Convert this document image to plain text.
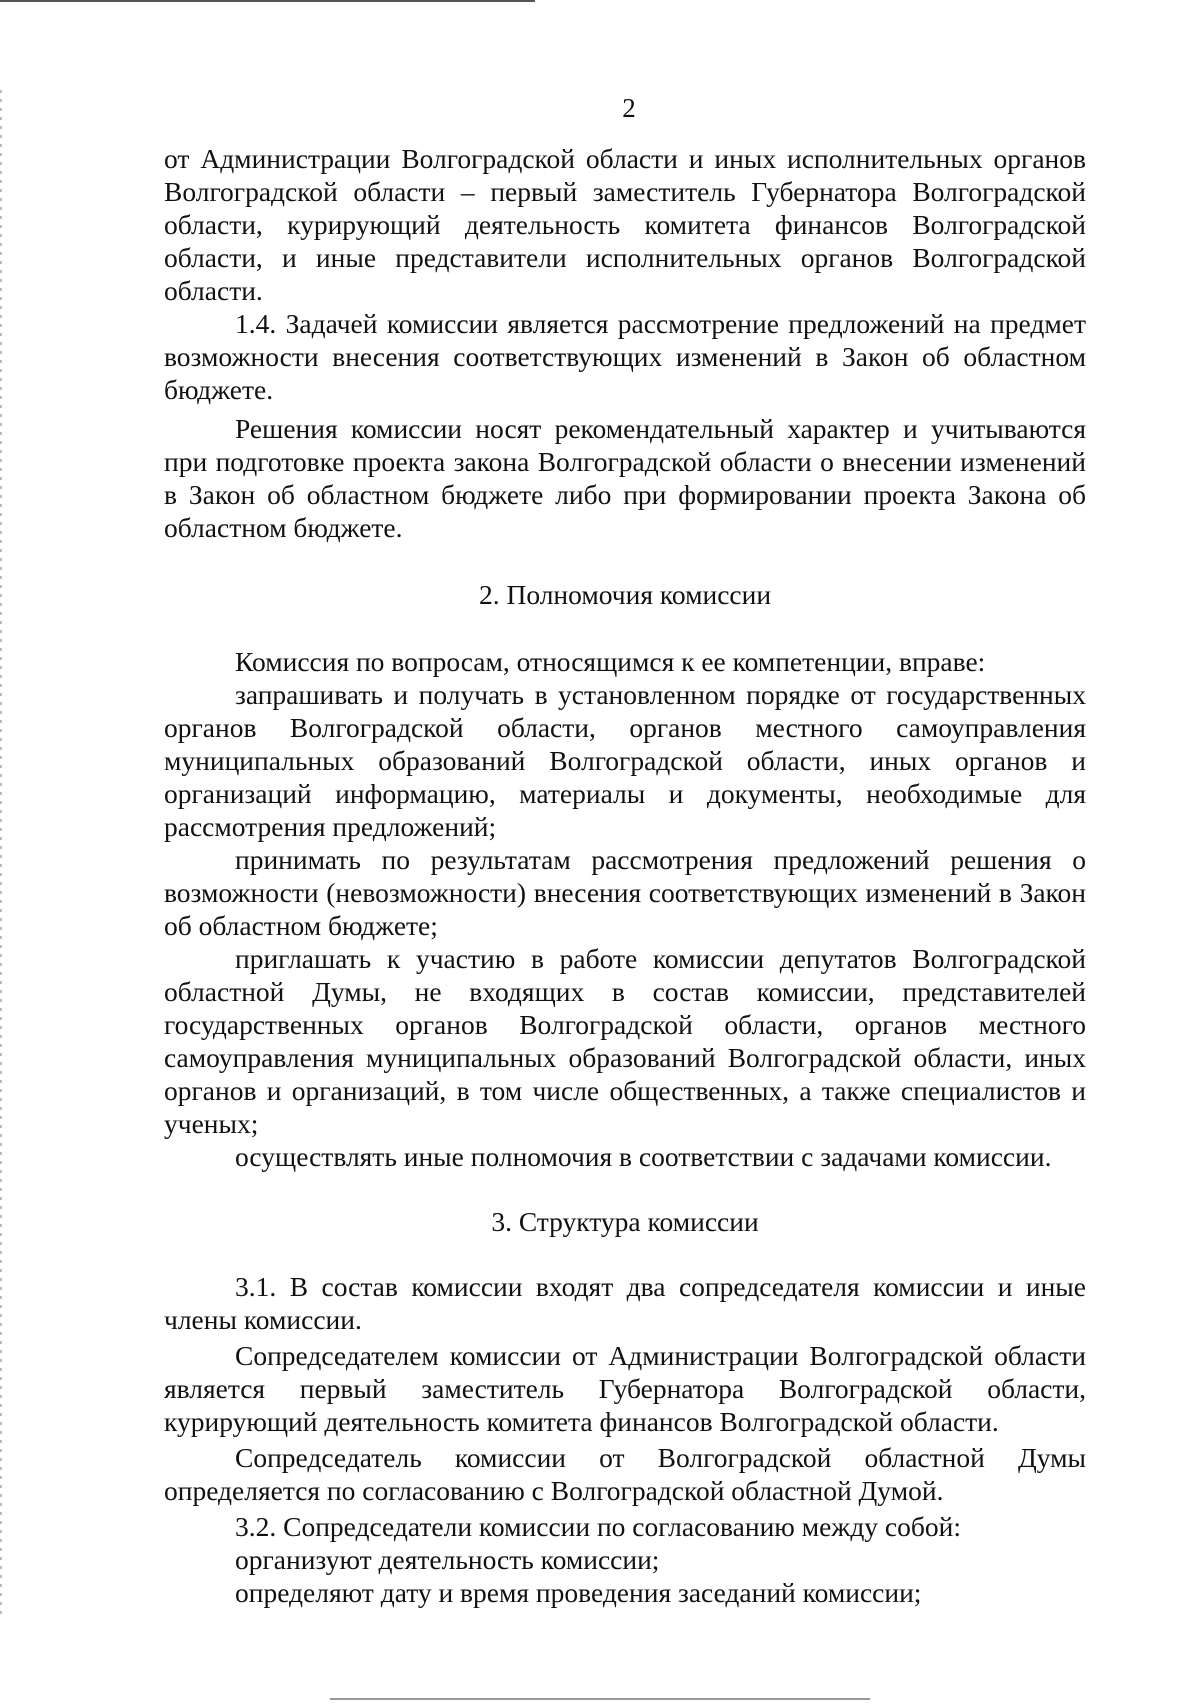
2

от Администрации Волгоградской области и иных исполнительных органов Волгоградской области – первый заместитель Губернатора Волгоградской области, курирующий деятельность комитета финансов Волгоградской области, и иные представители исполнительных органов Волгоградской области.

1.4. Задачей комиссии является рассмотрение предложений на предмет возможности внесения соответствующих изменений в Закон об областном бюджете.

Решения комиссии носят рекомендательный характер и учитываются при подготовке проекта закона Волгоградской области о внесении изменений в Закон об областном бюджете либо при формировании проекта Закона об областном бюджете.

2. Полномочия комиссии

Комиссия по вопросам, относящимся к ее компетенции, вправе:

запрашивать и получать в установленном порядке от государственных органов Волгоградской области, органов местного самоуправления муниципальных образований Волгоградской области, иных органов и организаций информацию, материалы и документы, необходимые для рассмотрения предложений;

принимать по результатам рассмотрения предложений решения о возможности (невозможности) внесения соответствующих изменений в Закон об областном бюджете;

приглашать к участию в работе комиссии депутатов Волгоградской областной Думы, не входящих в состав комиссии, представителей государственных органов Волгоградской области, органов местного самоуправления муниципальных образований Волгоградской области, иных органов и организаций, в том числе общественных, а также специалистов и ученых;

осуществлять иные полномочия в соответствии с задачами комиссии.

3. Структура комиссии

3.1. В состав комиссии входят два сопредседателя комиссии и иные члены комиссии.

Сопредседателем комиссии от Администрации Волгоградской области является первый заместитель Губернатора Волгоградской области, курирующий деятельность комитета финансов Волгоградской области.

Сопредседатель комиссии от Волгоградской областной Думы определяется по согласованию с Волгоградской областной Думой.

3.2. Сопредседатели комиссии по согласованию между собой:

организуют деятельность комиссии;

определяют дату и время проведения заседаний комиссии;
